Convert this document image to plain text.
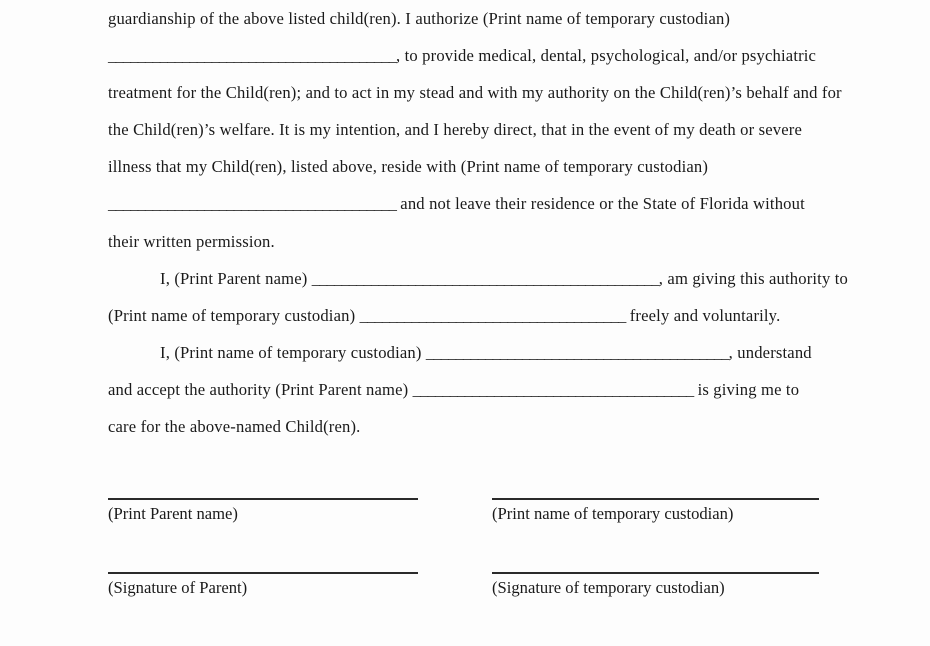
guardianship of the above listed child(ren). I authorize (Print name of temporary custodian)
_______________________________________, to provide medical, dental, psychological, and/or psychiatric
treatment for the Child(ren); and to act in my stead and with my authority on the Child(ren)’s behalf and for
the Child(ren)’s welfare. It is my intention, and I hereby direct, that in the event of my death or severe
illness that my Child(ren), listed above, reside with (Print name of temporary custodian)
_______________________________________ and not leave their residence or the State of Florida without
their written permission.
I, (Print Parent name) _______________________________________________, am giving this authority to
(Print name of temporary custodian) ____________________________________ freely and voluntarily.
I, (Print name of temporary custodian) _________________________________________, understand
and accept the authority (Print Parent name) ______________________________________ is giving me to
care for the above-named Child(ren).
(Print Parent name)	(Print name of temporary custodian)
(Signature of Parent)	(Signature of temporary custodian)
